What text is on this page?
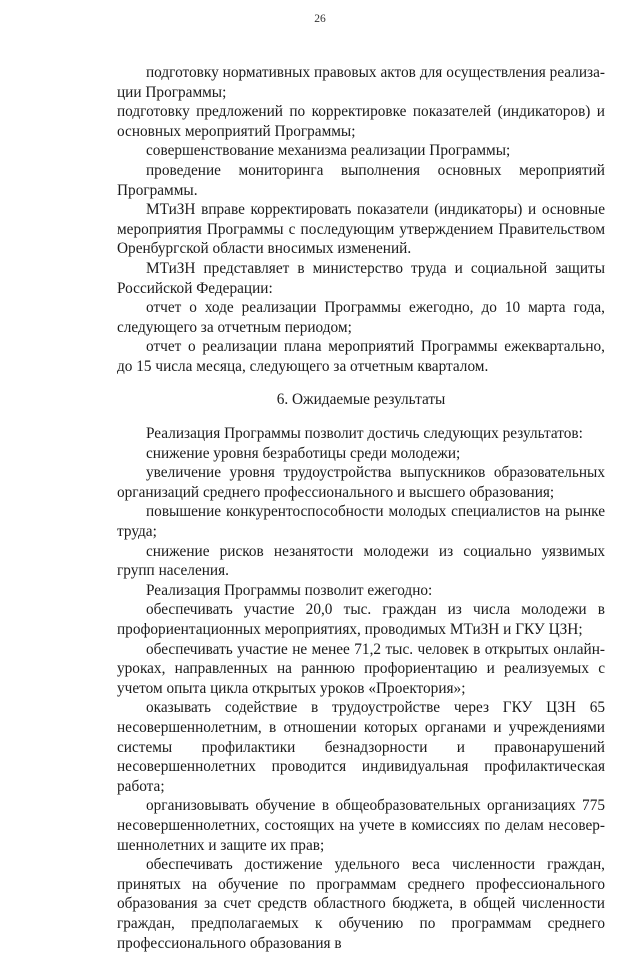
26

подготовку нормативных правовых актов для осуществления реализации Программы;

подготовку предложений по корректировке показателей (индикаторов) и основных мероприятий Программы;

совершенствование механизма реализации Программы;

проведение мониторинга выполнения основных мероприятий Программы.

МТиЗН вправе корректировать показатели (индикаторы) и основные мероприятия Программы с последующим утверждением Правительством Оренбургской области вносимых изменений.

МТиЗН представляет в министерство труда и социальной защиты Российской Федерации:

отчет о ходе реализации Программы ежегодно, до 10 марта года, следующего за отчетным периодом;

отчет о реализации плана мероприятий Программы ежеквартально, до 15 числа месяца, следующего за отчетным кварталом.

6. Ожидаемые результаты

Реализация Программы позволит достичь следующих результатов:

снижение уровня безработицы среди молодежи;

увеличение уровня трудоустройства выпускников образовательных организаций среднего профессионального и высшего образования;

повышение конкурентоспособности молодых специалистов на рынке труда;

снижение рисков незанятости молодежи из социально уязвимых групп населения.

Реализация Программы позволит ежегодно:

обеспечивать участие 20,0 тыс. граждан из числа молодежи в профориентационных мероприятиях, проводимых МТиЗН и ГКУ ЦЗН;

обеспечивать участие не менее 71,2 тыс. человек в открытых онлайн-уроках, направленных на раннюю профориентацию и реализуемых с учетом опыта цикла открытых уроков «Проектория»;

оказывать содействие в трудоустройстве через ГКУ ЦЗН 65 несовершеннолетним, в отношении которых органами и учреждениями системы профилактики безнадзорности и правонарушений несовершеннолетних проводится индивидуальная профилактическая работа;

организовывать обучение в общеобразовательных организациях 775 несовершеннолетних, состоящих на учете в комиссиях по делам несовершеннолетних и защите их прав;

обеспечивать достижение удельного веса численности граждан, принятых на обучение по программам среднего профессионального образования за счет средств областного бюджета, в общей численности граждан, предполагаемых к обучению по программам среднего профессионального образования в
